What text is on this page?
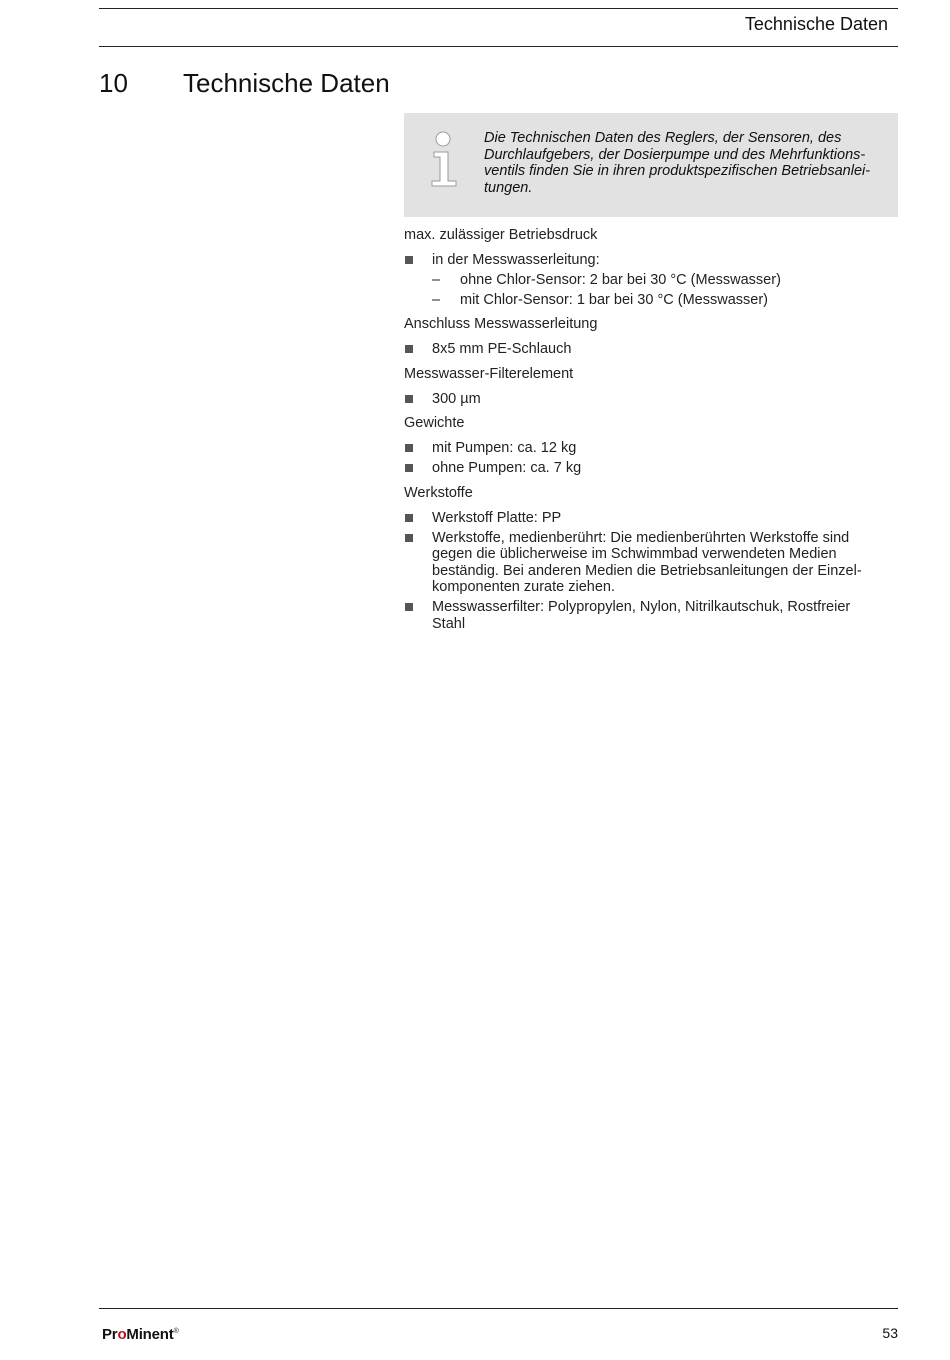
Technische Daten
10 Technische Daten
Die Technischen Daten des Reglers, der Sensoren, des
Durchlaufgebers, der Dosierpumpe und des Mehrfunktions-
ventils finden Sie in ihren produktspezifischen Betriebsanlei-
tungen.
max. zulässiger Betriebsdruck
in der Messwasserleitung:
– ohne Chlor-Sensor: 2 bar bei 30 °C (Messwasser)
– mit Chlor-Sensor: 1 bar bei 30 °C (Messwasser)
Anschluss Messwasserleitung
8x5 mm PE-Schlauch
Messwasser-Filterelement
300 µm
Gewichte
mit Pumpen: ca. 12 kg
ohne Pumpen: ca. 7 kg
Werkstoffe
Werkstoff Platte: PP
Werkstoffe, medienberührt: Die medienberührten Werkstoffe sind
gegen die üblicherweise im Schwimmbad verwendeten Medien
beständig. Bei anderen Medien die Betriebsanleitungen der Einzel-
komponenten zurate ziehen.
Messwasserfilter: Polypropylen, Nylon, Nitrilkautschuk, Rostfreier
Stahl
ProMinent®	53
